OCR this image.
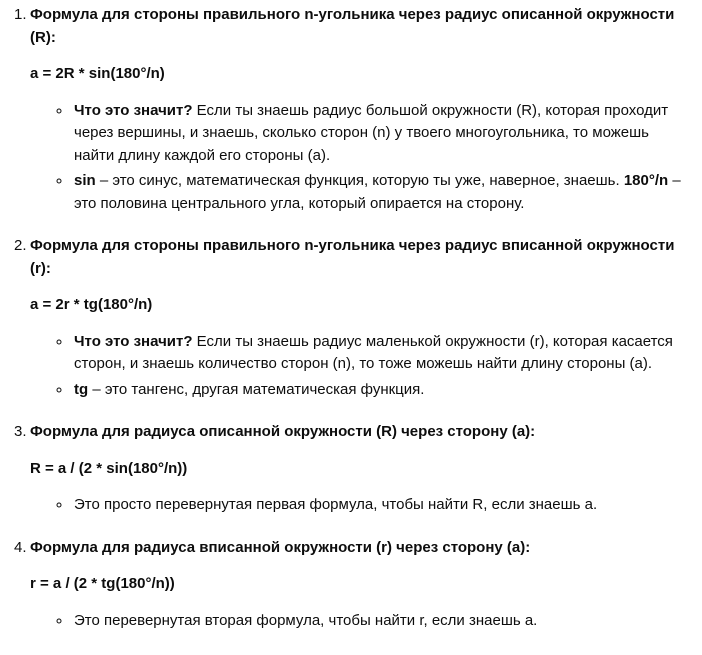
1. Формула для стороны правильного n-угольника через радиус описанной окружности (R):

a = 2R * sin(180°/n)

◦ Что это значит? Если ты знаешь радиус большой окружности (R), которая проходит через вершины, и знаешь, сколько сторон (n) у твоего многоугольника, то можешь найти длину каждой его стороны (a).
◦ sin – это синус, математическая функция, которую ты уже, наверное, знаешь. 180°/n – это половина центрального угла, который опирается на сторону.
2. Формула для стороны правильного n-угольника через радиус вписанной окружности (r):

a = 2r * tg(180°/n)

◦ Что это значит? Если ты знаешь радиус маленькой окружности (r), которая касается сторон, и знаешь количество сторон (n), то тоже можешь найти длину стороны (a).
◦ tg – это тангенс, другая математическая функция.
3. Формула для радиуса описанной окружности (R) через сторону (a):

R = a / (2 * sin(180°/n))

◦ Это просто перевернутая первая формула, чтобы найти R, если знаешь a.
4. Формула для радиуса вписанной окружности (r) через сторону (a):

r = a / (2 * tg(180°/n))

◦ Это перевернутая вторая формула, чтобы найти r, если знаешь a.
